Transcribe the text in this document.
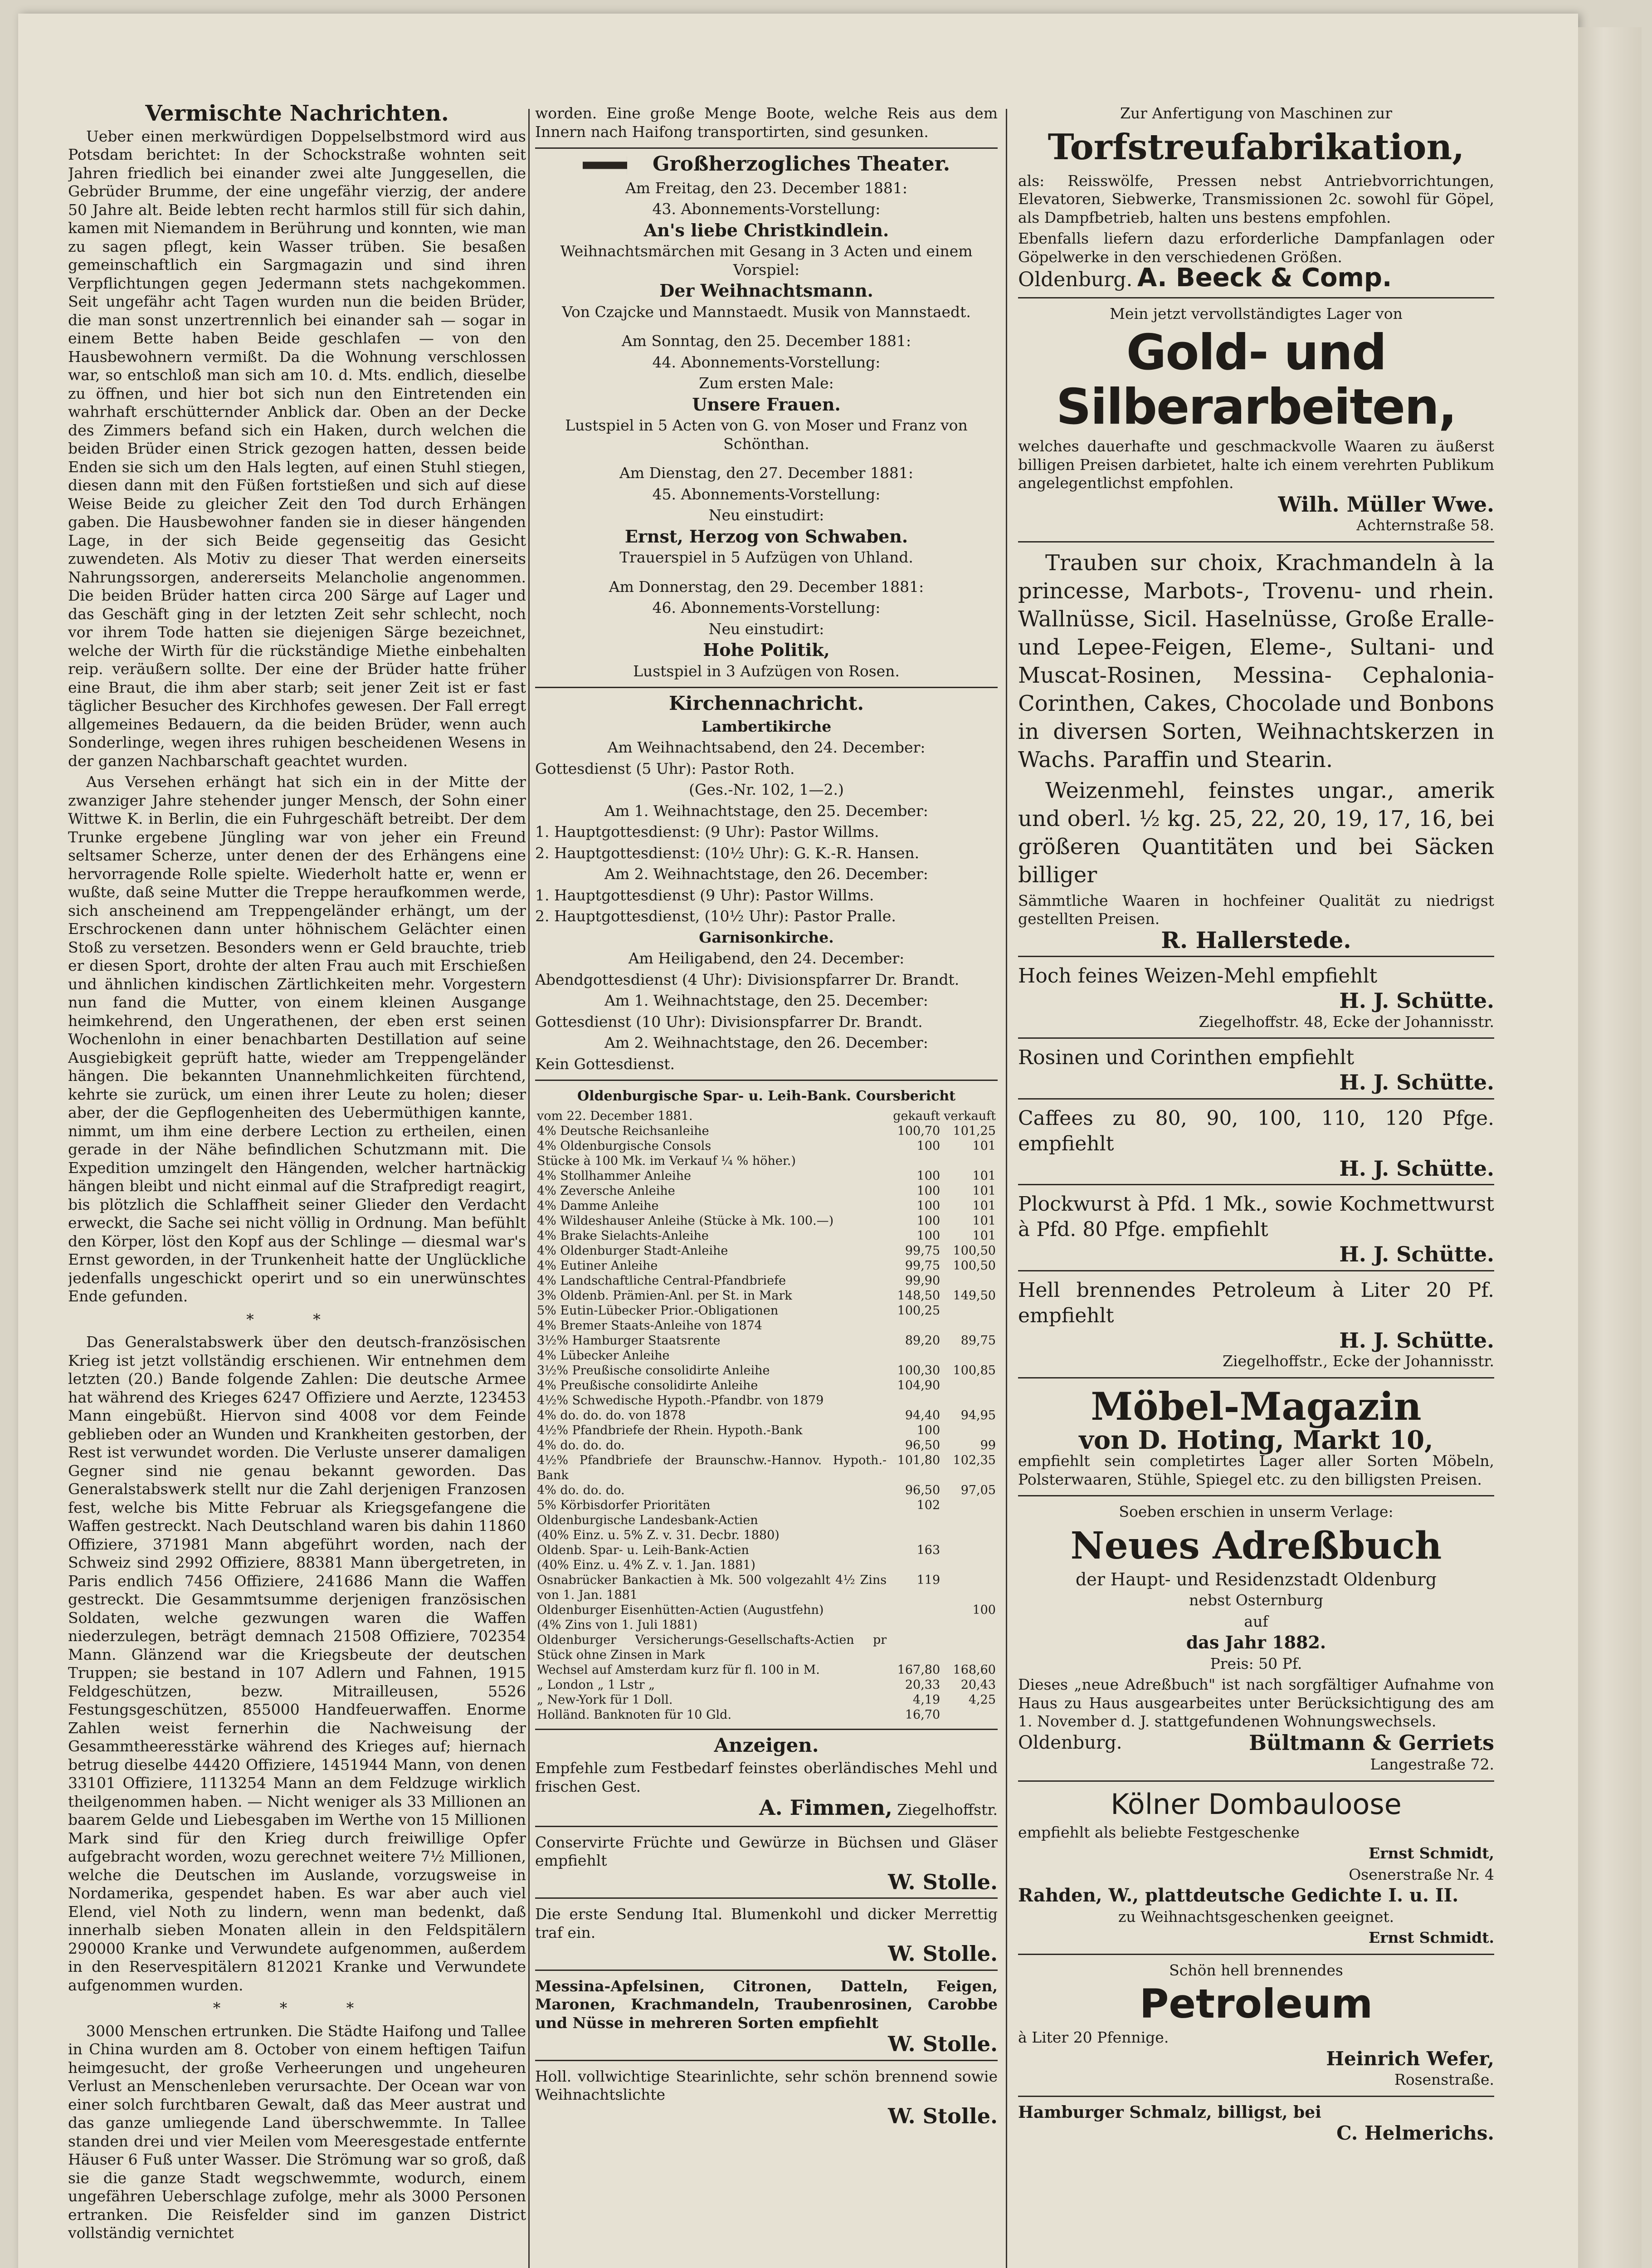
Vermischte Nachrichten.

Ueber einen merkwürdigen Doppelselbstmord wird aus Potsdam berichtet: In der Schockstraße wohnten seit Jahren friedlich bei einander zwei alte Junggesellen, die Gebrüder Brumme, der eine ungefähr vierzig, der andere 50 Jahre alt. Beide lebten recht harmlos still für sich dahin, kamen mit Niemandem in Berührung und konnten, wie man zu sagen pflegt, kein Wasser trüben. Sie besaßen gemeinschaftlich ein Sargmagazin und sind ihren Verpflichtungen gegen Jedermann stets nachgekommen. Seit ungefähr acht Tagen wurden nun die beiden Brüder, die man sonst unzertrennlich bei einander sah — sogar in einem Bette haben Beide geschlafen — von den Hausbewohnern vermißt. Da die Wohnung verschlossen war, so entschloß man sich am 10. d. Mts. endlich, dieselbe zu öffnen, und hier bot sich nun den Eintretenden ein wahrhaft erschütternder Anblick dar. Oben an der Decke des Zimmers befand sich ein Haken, durch welchen die beiden Brüder einen Strick gezogen hatten, dessen beide Enden sie sich um den Hals legten, auf einen Stuhl stiegen, diesen dann mit den Füßen fortstießen und sich auf diese Weise Beide zu gleicher Zeit den Tod durch Erhängen gaben. Die Hausbewohner fanden sie in dieser hängenden Lage, in der sich Beide gegenseitig das Gesicht zuwendeten. Als Motiv zu dieser That werden einerseits Nahrungssorgen, andererseits Melancholie angenommen. Die beiden Brüder hatten circa 200 Särge auf Lager und das Geschäft ging in der letzten Zeit sehr schlecht, noch vor ihrem Tode hatten sie diejenigen Särge bezeichnet, welche der Wirth für die rückständige Miethe einbehalten reip. veräußern sollte. Der eine der Brüder hatte früher eine Braut, die ihm aber starb; seit jener Zeit ist er fast täglicher Besucher des Kirchhofes gewesen. Der Fall erregt allgemeines Bedauern, da die beiden Brüder, wenn auch Sonderlinge, wegen ihres ruhigen bescheidenen Wesens in der ganzen Nachbarschaft geachtet wurden.

Aus Versehen erhängt hat sich ein in der Mitte der zwanziger Jahre stehender junger Mensch, der Sohn einer Wittwe K. in Berlin, die ein Fuhrgeschäft betreibt. Der dem Trunke ergebene Jüngling war von jeher ein Freund seltsamer Scherze, unter denen der des Erhängens eine hervorragende Rolle spielte. Wiederholt hatte er, wenn er wußte, daß seine Mutter die Treppe heraufkommen werde, sich anscheinend am Treppengeländer erhängt, um der Erschrockenen dann unter höhnischem Gelächter einen Stoß zu versetzen. Besonders wenn er Geld brauchte, trieb er diesen Sport, drohte der alten Frau auch mit Erschießen und ähnlichen kindischen Zärtlichkeiten mehr. Vorgestern nun fand die Mutter, von einem kleinen Ausgange heimkehrend, den Ungerathenen, der eben erst seinen Wochenlohn in einer benachbarten Destillation auf seine Ausgiebigkeit geprüft hatte, wieder am Treppengeländer hängen. Die bekannten Unannehmlichkeiten fürchtend, kehrte sie zurück, um einen ihrer Leute zu holen; dieser aber, der die Gepflogenheiten des Uebermüthigen kannte, nimmt, um ihm eine derbere Lection zu ertheilen, einen gerade in der Nähe befindlichen Schutzmann mit. Die Expedition umzingelt den Hängenden, welcher hartnäckig hängen bleibt und nicht einmal auf die Strafpredigt reagirt, bis plötzlich die Schlaffheit seiner Glieder den Verdacht erweckt, die Sache sei nicht völlig in Ordnung. Man befühlt den Körper, löst den Kopf aus der Schlinge — diesmal war's Ernst geworden, in der Trunkenheit hatte der Unglückliche jedenfalls ungeschickt operirt und so ein unerwünschtes Ende gefunden.

* *

Das Generalstabswerk über den deutsch-französischen Krieg ist jetzt vollständig erschienen. Wir entnehmen dem letzten (20.) Bande folgende Zahlen: Die deutsche Armee hat während des Krieges 6247 Offiziere und Aerzte, 123453 Mann eingebüßt. Hiervon sind 4008 vor dem Feinde geblieben oder an Wunden und Krankheiten gestorben, der Rest ist verwundet worden. Die Verluste unserer damaligen Gegner sind nie genau bekannt geworden. Das Generalstabswerk stellt nur die Zahl derjenigen Franzosen fest, welche bis Mitte Februar als Kriegsgefangene die Waffen gestreckt. Nach Deutschland waren bis dahin 11860 Offiziere, 371981 Mann abgeführt worden, nach der Schweiz sind 2992 Offiziere, 88381 Mann übergetreten, in Paris endlich 7456 Offiziere, 241686 Mann die Waffen gestreckt. Die Gesammtsumme derjenigen französischen Soldaten, welche gezwungen waren die Waffen niederzulegen, beträgt demnach 21508 Offiziere, 702354 Mann. Glänzend war die Kriegsbeute der deutschen Truppen; sie bestand in 107 Adlern und Fahnen, 1915 Feldgeschützen, bezw. Mitrailleusen, 5526 Festungsgeschützen, 855000 Handfeuerwaffen. Enorme Zahlen weist fernerhin die Nachweisung der Gesammtheeresstärke während des Krieges auf; hiernach betrug dieselbe 44420 Offiziere, 1451944 Mann, von denen 33101 Offiziere, 1113254 Mann an dem Feldzuge wirklich theilgenommen haben. — Nicht weniger als 33 Millionen an baarem Gelde und Liebesgaben im Werthe von 15 Millionen Mark sind für den Krieg durch freiwillige Opfer aufgebracht worden, wozu gerechnet weitere 7½ Millionen, welche die Deutschen im Auslande, vorzugsweise in Nordamerika, gespendet haben. Es war aber auch viel Elend, viel Noth zu lindern, wenn man bedenkt, daß innerhalb sieben Monaten allein in den Feldspitälern 290000 Kranke und Verwundete aufgenommen, außerdem in den Reservespitälern 812021 Kranke und Verwundete aufgenommen wurden.

* * *

3000 Menschen ertrunken. Die Städte Haifong und Tallee in China wurden am 8. October von einem heftigen Taifun heimgesucht, der große Verheerungen und ungeheuren Verlust an Menschenleben verursachte. Der Ocean war von einer solch furchtbaren Gewalt, daß das Meer austrat und das ganze umliegende Land überschwemmte. In Tallee standen drei und vier Meilen vom Meeresgestade entfernte Häuser 6 Fuß unter Wasser. Die Strömung war so groß, daß sie die ganze Stadt wegschwemmte, wodurch, einem ungefähren Ueberschlage zufolge, mehr als 3000 Personen ertranken. Die Reisfelder sind im ganzen District vollständig vernichtet

worden. Eine große Menge Boote, welche Reis aus dem Innern nach Haifong transportirten, sind gesunken.

Großherzogliches Theater.

Am Freitag, den 23. December 1881:

43. Abonnements-Vorstellung:

An's liebe Christkindlein.

Weihnachtsmärchen mit Gesang in 3 Acten und einem Vorspiel:

Der Weihnachtsmann.

Von Czajcke und Mannstaedt. Musik von Mannstaedt.

Am Sonntag, den 25. December 1881:

44. Abonnements-Vorstellung:

Zum ersten Male:

Unsere Frauen.

Lustspiel in 5 Acten von G. von Moser und Franz von Schönthan.

Am Dienstag, den 27. December 1881:

45. Abonnements-Vorstellung:

Neu einstudirt:

Ernst, Herzog von Schwaben.

Trauerspiel in 5 Aufzügen von Uhland.

Am Donnerstag, den 29. December 1881:

46. Abonnements-Vorstellung:

Neu einstudirt:

Hohe Politik,

Lustspiel in 3 Aufzügen von Rosen.

Kirchennachricht.

Lambertikirche

Am Weihnachtsabend, den 24. December:

Gottesdienst (5 Uhr): Pastor Roth.

(Ges.-Nr. 102, 1—2.)

Am 1. Weihnachtstage, den 25. December:

1. Hauptgottesdienst: (9 Uhr): Pastor Willms.

2. Hauptgottesdienst: (10½ Uhr): G. K.-R. Hansen.

Am 2. Weihnachtstage, den 26. December:

1. Hauptgottesdienst (9 Uhr): Pastor Willms.

2. Hauptgottesdienst, (10½ Uhr): Pastor Pralle.

Garnisonkirche.

Am Heiligabend, den 24. December:

Abendgottesdienst (4 Uhr): Divisionspfarrer Dr. Brandt.

Am 1. Weihnachtstage, den 25. December:

Gottesdienst (10 Uhr): Divisionspfarrer Dr. Brandt.

Am 2. Weihnachtstage, den 26. December:

Kein Gottesdienst.

Oldenburgische Spar- u. Leih-Bank. Coursbericht

vom 22. December 1881.	gekauft	verkauft
4% Deutsche Reichsanleihe	100,70	101,25
4% Oldenburgische Consols	100	101
Stücke à 100 Mk. im Verkauf ¼ % höher.)		
4% Stollhammer Anleihe	100	101
4% Zeversche Anleihe	100	101
4% Damme Anleihe	100	101
4% Wildeshauser Anleihe (Stücke à Mk. 100.—)	100	101
4% Brake Sielachts-Anleihe	100	101
4% Oldenburger Stadt-Anleihe	99,75	100,50
4% Eutiner Anleihe	99,75	100,50
4% Landschaftliche Central-Pfandbriefe	99,90	
3% Oldenb. Prämien-Anl. per St. in Mark	148,50	149,50
5% Eutin-Lübecker Prior.-Obligationen	100,25	
4% Bremer Staats-Anleihe von 1874		
3½% Hamburger Staatsrente	89,20	89,75
4% Lübecker Anleihe		
3½% Preußische consolidirte Anleihe	100,30	100,85
4% Preußische consolidirte Anleihe	104,90	
4½% Schwedische Hypoth.-Pfandbr. von 1879		
4% do. do. do. von 1878	94,40	94,95
4½% Pfandbriefe der Rhein. Hypoth.-Bank	100	
4% do. do. do.	96,50	99
4½% Pfandbriefe der Braunschw.-Hannov. Hypoth.-Bank	101,80	102,35
4% do. do. do.	96,50	97,05
5% Körbisdorfer Prioritäten	102	
Oldenburgische Landesbank-Actien		
(40% Einz. u. 5% Z. v. 31. Decbr. 1880)		
Oldenb. Spar- u. Leih-Bank-Actien	163	
(40% Einz. u. 4% Z. v. 1. Jan. 1881)		
Osnabrücker Bankactien à Mk. 500 volgezahlt 4½ Zins von 1. Jan. 1881	119	
Oldenburger Eisenhütten-Actien (Augustfehn)		100
(4% Zins von 1. Juli 1881)		
Oldenburger Versicherungs-Gesellschafts-Actien pr Stück ohne Zinsen in Mark		
Wechsel auf Amsterdam kurz für fl. 100 in M.	167,80	168,60
„ London „ 1 Lstr „	20,33	20,43
„ New-York für 1 Doll.	4,19	4,25
Holländ. Banknoten für 10 Gld.	16,70	
Anzeigen.

Empfehle zum Festbedarf feinstes oberländisches Mehl und frischen Gest.

A. Fimmen, Ziegelhoffstr.

Conservirte Früchte und Gewürze in Büchsen und Gläser empfiehlt

W. Stolle.

Die erste Sendung Ital. Blumenkohl und dicker Merrettig traf ein.

W. Stolle.

Messina-Apfelsinen, Citronen, Datteln, Feigen, Maronen, Krachmandeln, Traubenrosinen, Carobbe und Nüsse in mehreren Sorten empfiehlt

W. Stolle.

Holl. vollwichtige Stearinlichte, sehr schön brennend sowie Weihnachtslichte

W. Stolle.

Zur Anfertigung von Maschinen zur

Torfstreufabrikation,

als: Reisswölfe, Pressen nebst Antriebvorrichtungen, Elevatoren, Siebwerke, Transmissionen 2c. sowohl für Göpel, als Dampfbetrieb, halten uns bestens empfohlen.

Ebenfalls liefern dazu erforderliche Dampfanlagen oder Göpelwerke in den verschiedenen Größen.

Oldenburg. A. Beeck & Comp.

Mein jetzt vervollständigtes Lager von

Gold- und Silberarbeiten,

welches dauerhafte und geschmackvolle Waaren zu äußerst billigen Preisen darbietet, halte ich einem verehrten Publikum angelegentlichst empfohlen.

Wilh. Müller Wwe.

Achternstraße 58.

Trauben sur choix, Krachmandeln à la princesse, Marbots-, Trovenu- und rhein. Wallnüsse, Sicil. Haselnüsse, Große Eralle- und Lepee-Feigen, Eleme-, Sultani- und Muscat-Rosinen, Messina- Cephalonia-Corinthen, Cakes, Chocolade und Bonbons in diversen Sorten, Weihnachtskerzen in Wachs. Paraffin und Stearin.

Weizenmehl, feinstes ungar., amerik und oberl. ½ kg. 25, 22, 20, 19, 17, 16, bei größeren Quantitäten und bei Säcken billiger

Sämmtliche Waaren in hochfeiner Qualität zu niedrigst gestellten Preisen.

R. Hallerstede.

Hoch feines Weizen-Mehl empfiehlt

H. J. Schütte.

Ziegelhoffstr. 48, Ecke der Johannisstr.

Rosinen und Corinthen empfiehlt

H. J. Schütte.

Caffees zu 80, 90, 100, 110, 120 Pfge. empfiehlt

H. J. Schütte.

Plockwurst à Pfd. 1 Mk., sowie Kochmettwurst à Pfd. 80 Pfge. empfiehlt

H. J. Schütte.

Hell brennendes Petroleum à Liter 20 Pf. empfiehlt

H. J. Schütte.

Ziegelhoffstr., Ecke der Johannisstr.

Möbel-Magazin

von D. Hoting, Markt 10,

empfiehlt sein completirtes Lager aller Sorten Möbeln, Polsterwaaren, Stühle, Spiegel etc. zu den billigsten Preisen.

Soeben erschien in unserm Verlage:

Neues Adreßbuch

der Haupt- und Residenzstadt Oldenburg

nebst Osternburg

auf

das Jahr 1882.

Preis: 50 Pf.

Dieses „neue Adreßbuch" ist nach sorgfältiger Aufnahme von Haus zu Haus ausgearbeites unter Berücksichtigung des am 1. November d. J. stattgefundenen Wohnungswechsels.

Oldenburg.	Bültmann & Gerriets

Langestraße 72.

Kölner Dombauloose

empfiehlt als beliebte Festgeschenke

Ernst Schmidt,

Osenerstraße Nr. 4

Rahden, W., plattdeutsche Gedichte I. u. II.

zu Weihnachtsgeschenken geeignet.

Ernst Schmidt.

Schön hell brennendes

Petroleum

à Liter 20 Pfennige.

Heinrich Wefer,

Rosenstraße.

Hamburger Schmalz, billigst, bei

C. Helmerichs.
